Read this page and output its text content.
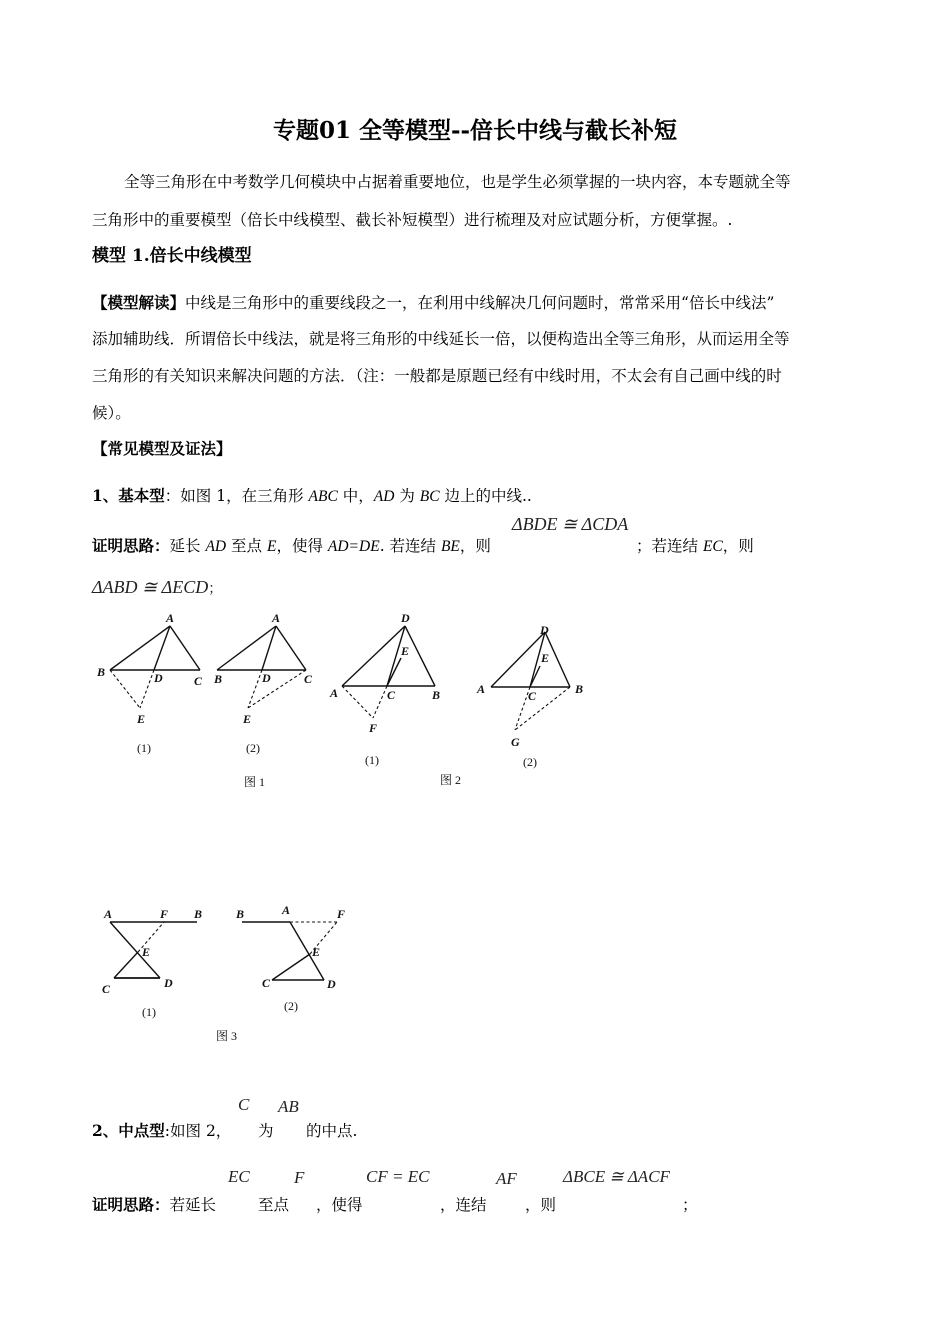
专题01 全等模型--倍长中线与截长补短
全等三角形在中考数学几何模块中占据着重要地位，也是学生必须掌握的一块内容，本专题就全等
三角形中的重要模型（倍长中线模型、截长补短模型）进行梳理及对应试题分析，方便掌握。.
模型 1.倍长中线模型
【模型解读】中线是三角形中的重要线段之一，在利用中线解决几何问题时，常常采用“倍长中线法”
添加辅助线．所谓倍长中线法，就是将三角形的中线延长一倍，以便构造出全等三角形，从而运用全等
三角形的有关知识来解决问题的方法．（注：一般都是原题已经有中线时用，不太会有自己画中线的时
候）。
【常见模型及证法】
1、基本型：如图 1，在三角形 ABC 中，AD 为 BC 边上的中线..
ΔBDE ≅ ΔCDA
证明思路：延长 AD 至点 E，使得 AD=DE. 若连结 BE，则	；若连结 EC，则
ΔABD ≅ ΔECD；
A
B	D	C
E
(1)
A
B	D	C
E
(2)
图 1
D
E
A	C	B
F
(1)
D
E
A	C	B
G
(2)
图 2
A	F B
E
C	D
(1)
B	A	F
E
C	D
(2)
图 3
C AB
2、中点型:如图 2， 为 的中点.
EC	F	CF = EC	AF	ΔBCE ≅ ΔACF
证明思路：若延长	至点 ，使得	，连结 ，则	；
